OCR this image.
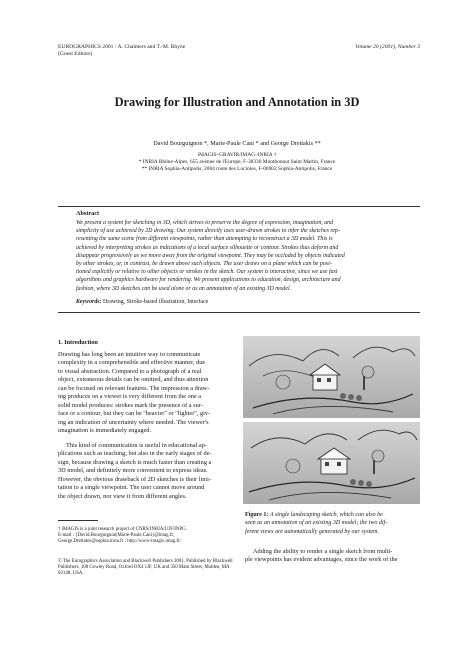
EUROGRAPHICS 2001 / A. Chalmers and T.-M. Rhyne
(Guest Editors)
Volume 20 (2001), Number 3
Drawing for Illustration and Annotation in 3D
David Bourguignon *, Marie-Paule Cani * and George Drettakis **
iMAGIS–GRAVIR/IMAG–INRIA †
* INRIA Rhône-Alpes, 655 avenue de l'Europe, F-38330 Montbonnot Saint Martin, France
** INRIA Sophia-Antipolis, 2004 route des Lucioles, F-06902 Sophia-Antipolis, France
Abstract
We present a system for sketching in 3D, which strives to preserve the degree of expression, imagination, and
simplicity of use achieved by 2D drawing. Our system directly uses user-drawn strokes to infer the sketches rep-
resenting the same scene from different viewpoints, rather than attempting to reconstruct a 3D model. This is
achieved by interpreting strokes as indications of a local surface silhouette or contour. Strokes thus deform and
disappear progressively as we move away from the original viewpoint. They may be occluded by objects indicated
by other strokes, or, in contrast, be drawn above such objects. The user draws on a plane which can be posi-
tioned explicitly or relative to other objects or strokes in the sketch. Our system is interactive, since we use fast
algorithms and graphics hardware for rendering. We present applications to education, design, architecture and
fashion, where 3D sketches can be used alone or as an annotation of an existing 3D model.
Keywords: Drawing, Stroke-based illustration, Interface
1. Introduction
Drawing has long been an intuitive way to communicate
complexity in a comprehensible and effective manner, due
to visual abstraction. Compared to a photograph of a real
object, extraneous details can be omitted, and thus attention
can be focused on relevant features. The impression a draw-
ing produces on a viewer is very different from the one a
solid model produces: strokes mark the presence of a sur-
face or a contour, but they can be "heavier" or "lighter", giv-
ing an indication of uncertainty where needed. The viewer's
imagination is immediately engaged.
This kind of communication is useful in educational ap-
plications such as teaching, but also in the early stages of de-
sign, because drawing a sketch is much faster than creating a
3D model, and definitely more convenient to express ideas.
However, the obvious drawback of 2D sketches is their limi-
tation to a single viewpoint. The user cannot move around
the object drawn, nor view it from different angles.
† iMAGIS is a joint research project of CNRS/INRIA/UJF/INPG.
E-mail : {David.Bourguignon|Marie-Paule.Cani}@imag.fr,
George.Drettakis@sophia.inria.fr ; http://www-imagis.imag.fr/
© The Eurographics Association and Blackwell Publishers 2001. Published by Blackwell
Publishers, 108 Cowley Road, Oxford OX4 1JF, UK and 350 Main Street, Malden, MA
02148, USA.
Figure 1: A single landscaping sketch, which can also be
seen as an annotation of an existing 3D model; the two dif-
ferent views are automatically generated by our system.
Adding the ability to render a single sketch from multi-
ple viewpoints has evident advantages, since the work of the
